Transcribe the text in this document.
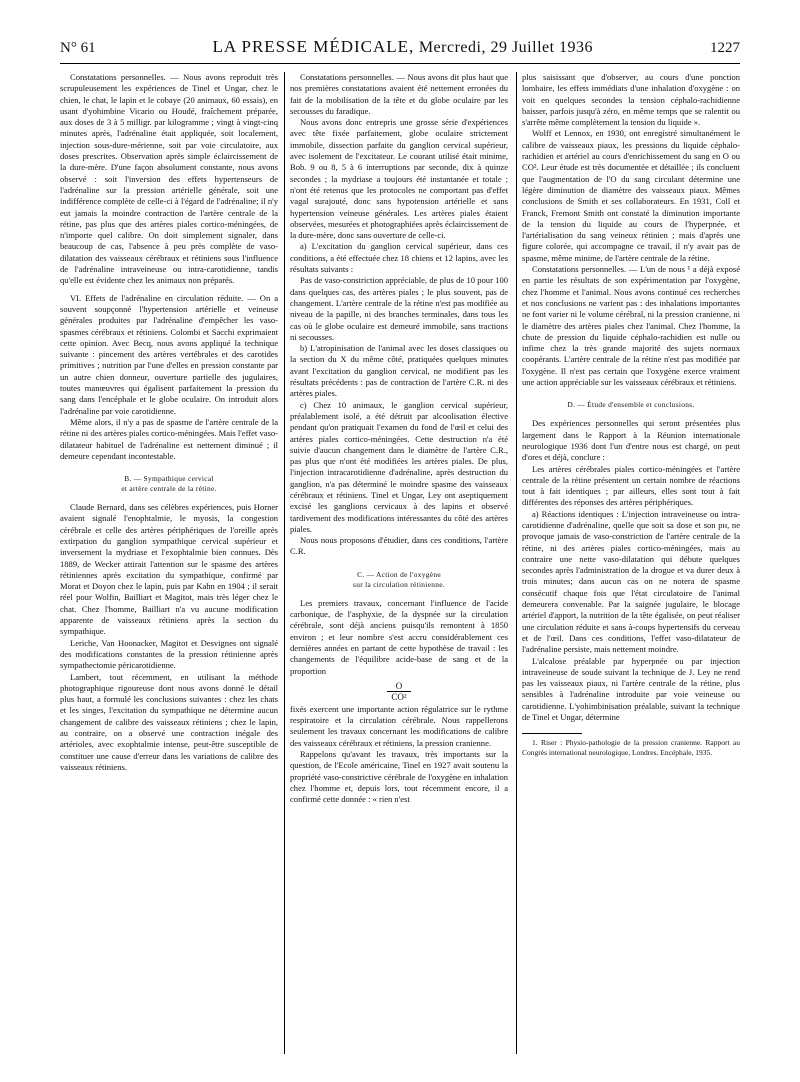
N° 61	LA PRESSE MÉDICALE, Mercredi, 29 Juillet 1936	1227

Constatations personnelles. — Nous avons reproduit très scrupuleusement les expériences de Tinel et Ungar, chez le chien, le chat, le lapin et le cobaye (20 animaux, 60 essais), en usant d'yohimbine Vicario ou Houdé, fraîchement préparée, aux doses de 3 à 5 milligr. par kilogramme ; vingt à vingt-cinq minutes après, l'adrénaline était appliquée, soit localement, injection sous-dure-mérienne, soit par voie circulatoire, aux doses prescrites. Observation après simple éclaircissement de la dure-mère. D'une façon absolument constante, nous avons observé : soit l'inversion des effets hypertenseurs de l'adrénaline sur la pression artérielle générale, soit une indifférence complète de celle-ci à l'égard de l'adrénaline; il n'y eut jamais la moindre contraction de l'artère centrale de la rétine, pas plus que des artères piales cortico-méningées, de n'importe quel calibre. On doit simplement signaler, dans beaucoup de cas, l'absence à peu près complète de vaso-dilatation des vaisseaux cérébraux et rétiniens sous l'influence de l'adrénaline intraveineuse ou intra-carotidienne, tandis qu'elle est évidente chez les animaux non préparés.

VI. Effets de l'adrénaline en circulation réduite. — On a souvent soupçonné l'hypertension artérielle et veineuse générales produites par l'adrénaline d'empêcher les vaso-spasmes cérébraux et rétiniens. Colombi et Sacchi exprimaient cette opinion. Avec Becq, nous avons appliqué la technique suivante : pincement des artères vertébrales et des carotides primitives ; nutrition par l'une d'elles en pression constante par un autre chien donneur, ouverture partielle des jugulaires, toutes manœuvres qui égalisent parfaitement la pression du sang dans l'encéphale et le globe oculaire. On introduit alors l'adrénaline par voie carotidienne.

Même alors, il n'y a pas de spasme de l'artère centrale de la rétine ni des artères piales cortico-méningées. Mais l'effet vaso-dilatateur habituel de l'adrénaline est nettement diminué ; il demeure cependant incontestable.

B. — Sympathique cervical
et artère centrale de la rétine.

Claude Bernard, dans ses célèbres expériences, puis Horner avaient signalé l'enophtalmie, le myosis, la congestion cérébrale et celle des artères périphériques de l'oreille après extirpation du ganglion sympathique cervical supérieur et inversement la mydriase et l'exophtalmie bien connues. Dès 1889, de Wecker attirait l'attention sur le spasme des artères rétiniennes après excitation du sympathique, confirmé par Morat et Doyon chez le lapin, puis par Kahn en 1904 ; il serait réel pour Wolfin, Bailliart et Magitot, mais très léger chez le chat. Chez l'homme, Bailliart n'a vu aucune modification apparente de vaisseaux rétiniens après la section du sympathique.

Leriche, Van Hoonacker, Magitot et Desvignes ont signalé des modifications constantes de la pression rétinienne après sympathectomie péricarotidienne.

Lambert, tout récemment, en utilisant la méthode photographique rigoureuse dont nous avons donné le détail plus haut, a formulé les conclusions suivantes : chez les chats et les singes, l'excitation du sympathique ne détermine aucun changement de calibre des vaisseaux rétiniens ; chez le lapin, au contraire, on a observé une contraction inégale des artérioles, avec exophtalmie intense, peut-être susceptible de constituer une cause d'erreur dans les variations de calibre des vaisseaux rétiniens.

Constatations personnelles. — Nous avons dit plus haut que nos premières constatations avaient été nettement erronées du fait de la mobilisation de la tête et du globe oculaire par les secousses du faradique.

Nous avons donc entrepris une grosse série d'expériences avec tête fixée parfaitement, globe oculaire strictement immobile, dissection parfaite du ganglion cervical supérieur, avec isolement de l'excitateur. Le courant utilisé était minime, Bob. 9 ou 8, 5 à 6 interruptions par seconde, dix à quinze secondes ; la mydriase a toujours été instantanée et totale ; n'ont été retenus que les protocoles ne comportant pas d'effet vagal surajouté, donc sans hypotension artérielle et sans hypertension veineuse générales. Les artères piales étaient observées, mesurées et photographiées après éclaircissement de la dure-mère, donc sans ouverture de celle-ci.

a) L'excitation du ganglion cervical supérieur, dans ces conditions, a été effectuée chez 18 chiens et 12 lapins, avec les résultats suivants :

Pas de vaso-constriction appréciable, de plus de 10 pour 100 dans quelques cas, des artères piales ; le plus souvent, pas de changement. L'artère centrale de la rétine n'est pas modifiée au niveau de la papille, ni des branches terminales, dans tous les cas où le globe oculaire est demeuré immobile, sans tractions ni secousses.

b) L'atropinisation de l'animal avec les doses classiques ou la section du X du même côté, pratiquées quelques minutes avant l'excitation du ganglion cervical, ne modifient pas les résultats précédents : pas de contraction de l'artère C.R. ni des artères piales.

c) Chez 10 animaux, le ganglion cervical supérieur, préalablement isolé, a été détruit par alcoolisation élective pendant qu'on pratiquait l'examen du fond de l'œil et celui des artères piales cortico-méningées. Cette destruction n'a été suivie d'aucun changement dans le diamètre de l'artère C.R., pas plus que n'ont été modifiées les artères piales. De plus, l'injection intracarotidienne d'adrénaline, après destruction du ganglion, n'a pas déterminé le moindre spasme des vaisseaux cérébraux et rétiniens. Tinel et Ungar, Ley ont aseptiquement excisé les ganglions cervicaux à des lapins et observé tardivement des modifications intéressantes du côté des artères piales.

Nous nous proposons d'étudier, dans ces conditions, l'artère C.R.

C. — Action de l'oxygène
sur la circulation rétinienne.

Les premiers travaux, concernant l'influence de l'acide carbonique, de l'asphyxie, de la dyspnée sur la circulation cérébrale, sont déjà anciens puisqu'ils remontent à 1850 environ ; et leur nombre s'est accru considérablement ces dernières années en partant de cette hypothèse de travail : les changements de l'équilibre acide-base de sang et de la proportion

O
CO²

fixés exercent une importante action régulatrice sur le rythme respiratoire et la circulation cérébrale. Nous rappellerons seulement les travaux concernant les modifications de calibre des vaisseaux cérébraux et rétiniens, la pression cranienne.

Rappelons qu'avant les travaux, très importants sur la question, de l'Ecole américaine, Tinel en 1927 avait soutenu la propriété vaso-constrictive cérébrale de l'oxygène en inhalation chez l'homme et, depuis lors, tout récemment encore, il a confirmé cette donnée : « rien n'est

plus saisissant que d'observer, au cours d'une ponction lombaire, les effets immédiats d'une inhalation d'oxygène : on voit en quelques secondes la tension céphalo-rachidienne baisser, parfois jusqu'à zéro, en même temps que se ralentit ou s'arrête même complètement la tension du liquide ».

Wolff et Lennox, en 1930, ont enregistré simultanément le calibre de vaisseaux piaux, les pressions du liquide céphalo-rachidien et artériel au cours d'enrichissement du sang en O ou CO². Leur étude est très documentée et détaillée ; ils concluent que l'augmentation de l'O du sang circulant détermine une légère diminution de diamètre des vaisseaux piaux. Mêmes conclusions de Smith et ses collaborateurs. En 1931, Coll et Franck, Fremont Smith ont constaté la diminution importante de la tension du liquide au cours de l'hyperpnée, et l'artérialisation du sang veineux rétinien ; mais d'après une figure colorée, qui accompagne ce travail, il n'y avait pas de spasme, même minime, de l'artère centrale de la rétine.

Constatations personnelles. — L'un de nous ¹ a déjà exposé en partie les résultats de son expérimentation par l'oxygène, chez l'homme et l'animal. Nous avons continué ces recherches et nos conclusions ne varient pas : des inhalations importantes ne font varier ni le volume cérébral, ni la pression cranienne, ni le diamètre des artères piales chez l'animal. Chez l'homme, la chute de pression du liquide céphalo-rachidien est nulle ou infime chez la très grande majorité des sujets normaux coopérants. L'artère centrale de la rétine n'est pas modifiée par l'oxygène. Il n'est pas certain que l'oxygène exerce vraiment une action appréciable sur les vaisseaux cérébraux et rétiniens.

D. — Étude d'ensemble et conclusions.

Des expériences personnelles qui seront présentées plus largement dans le Rapport à la Réunion internationale neurologique 1936 dont l'un d'entre nous est chargé, on peut d'ores et déjà, conclure :

Les artères cérébrales piales cortico-méningées et l'artère centrale de la rétine présentent un certain nombre de réactions tout à fait identiques ; par ailleurs, elles sont tout à fait différentes des réponses des artères périphériques.

a) Réactions identiques : L'injection intraveineuse ou intra-carotidienne d'adrénaline, quelle que soit sa dose et son pн, ne provoque jamais de vaso-constriction de l'artère centrale de la rétine, ni des artères piales cortico-méningées, mais au contraire une nette vaso-dilatation qui débute quelques secondes après l'administration de la drogue et va durer deux à trois minutes; dans aucun cas on ne notera de spasme consécutif chaque fois que l'état circulatoire de l'animal demeurera convenable. Par la saignée jugulaire, le blocage artériel d'apport, la nutrition de la tête égalisée, on peut réaliser une circulation réduite et sans à-coups hypertensifs du cerveau et de l'œil. Dans ces conditions, l'effet vaso-dilatateur de l'adrénaline persiste, mais nettement moindre.

L'alcalose préalable par hyperpnée ou par injection intraveineuse de soude suivant la technique de J. Ley ne rend pas les vaisseaux piaux, ni l'artère centrale de la rétine, plus sensibles à l'adrénaline introduite par voie veineuse ou carotidienne. L'yohimbinisation préalable, suivant la technique de Tinel et Ungar, détermine

1. Riser : Physio-pathologie de la pression cranienne. Rapport au Congrès international neurologique, Londres. Encéphale, 1935.
